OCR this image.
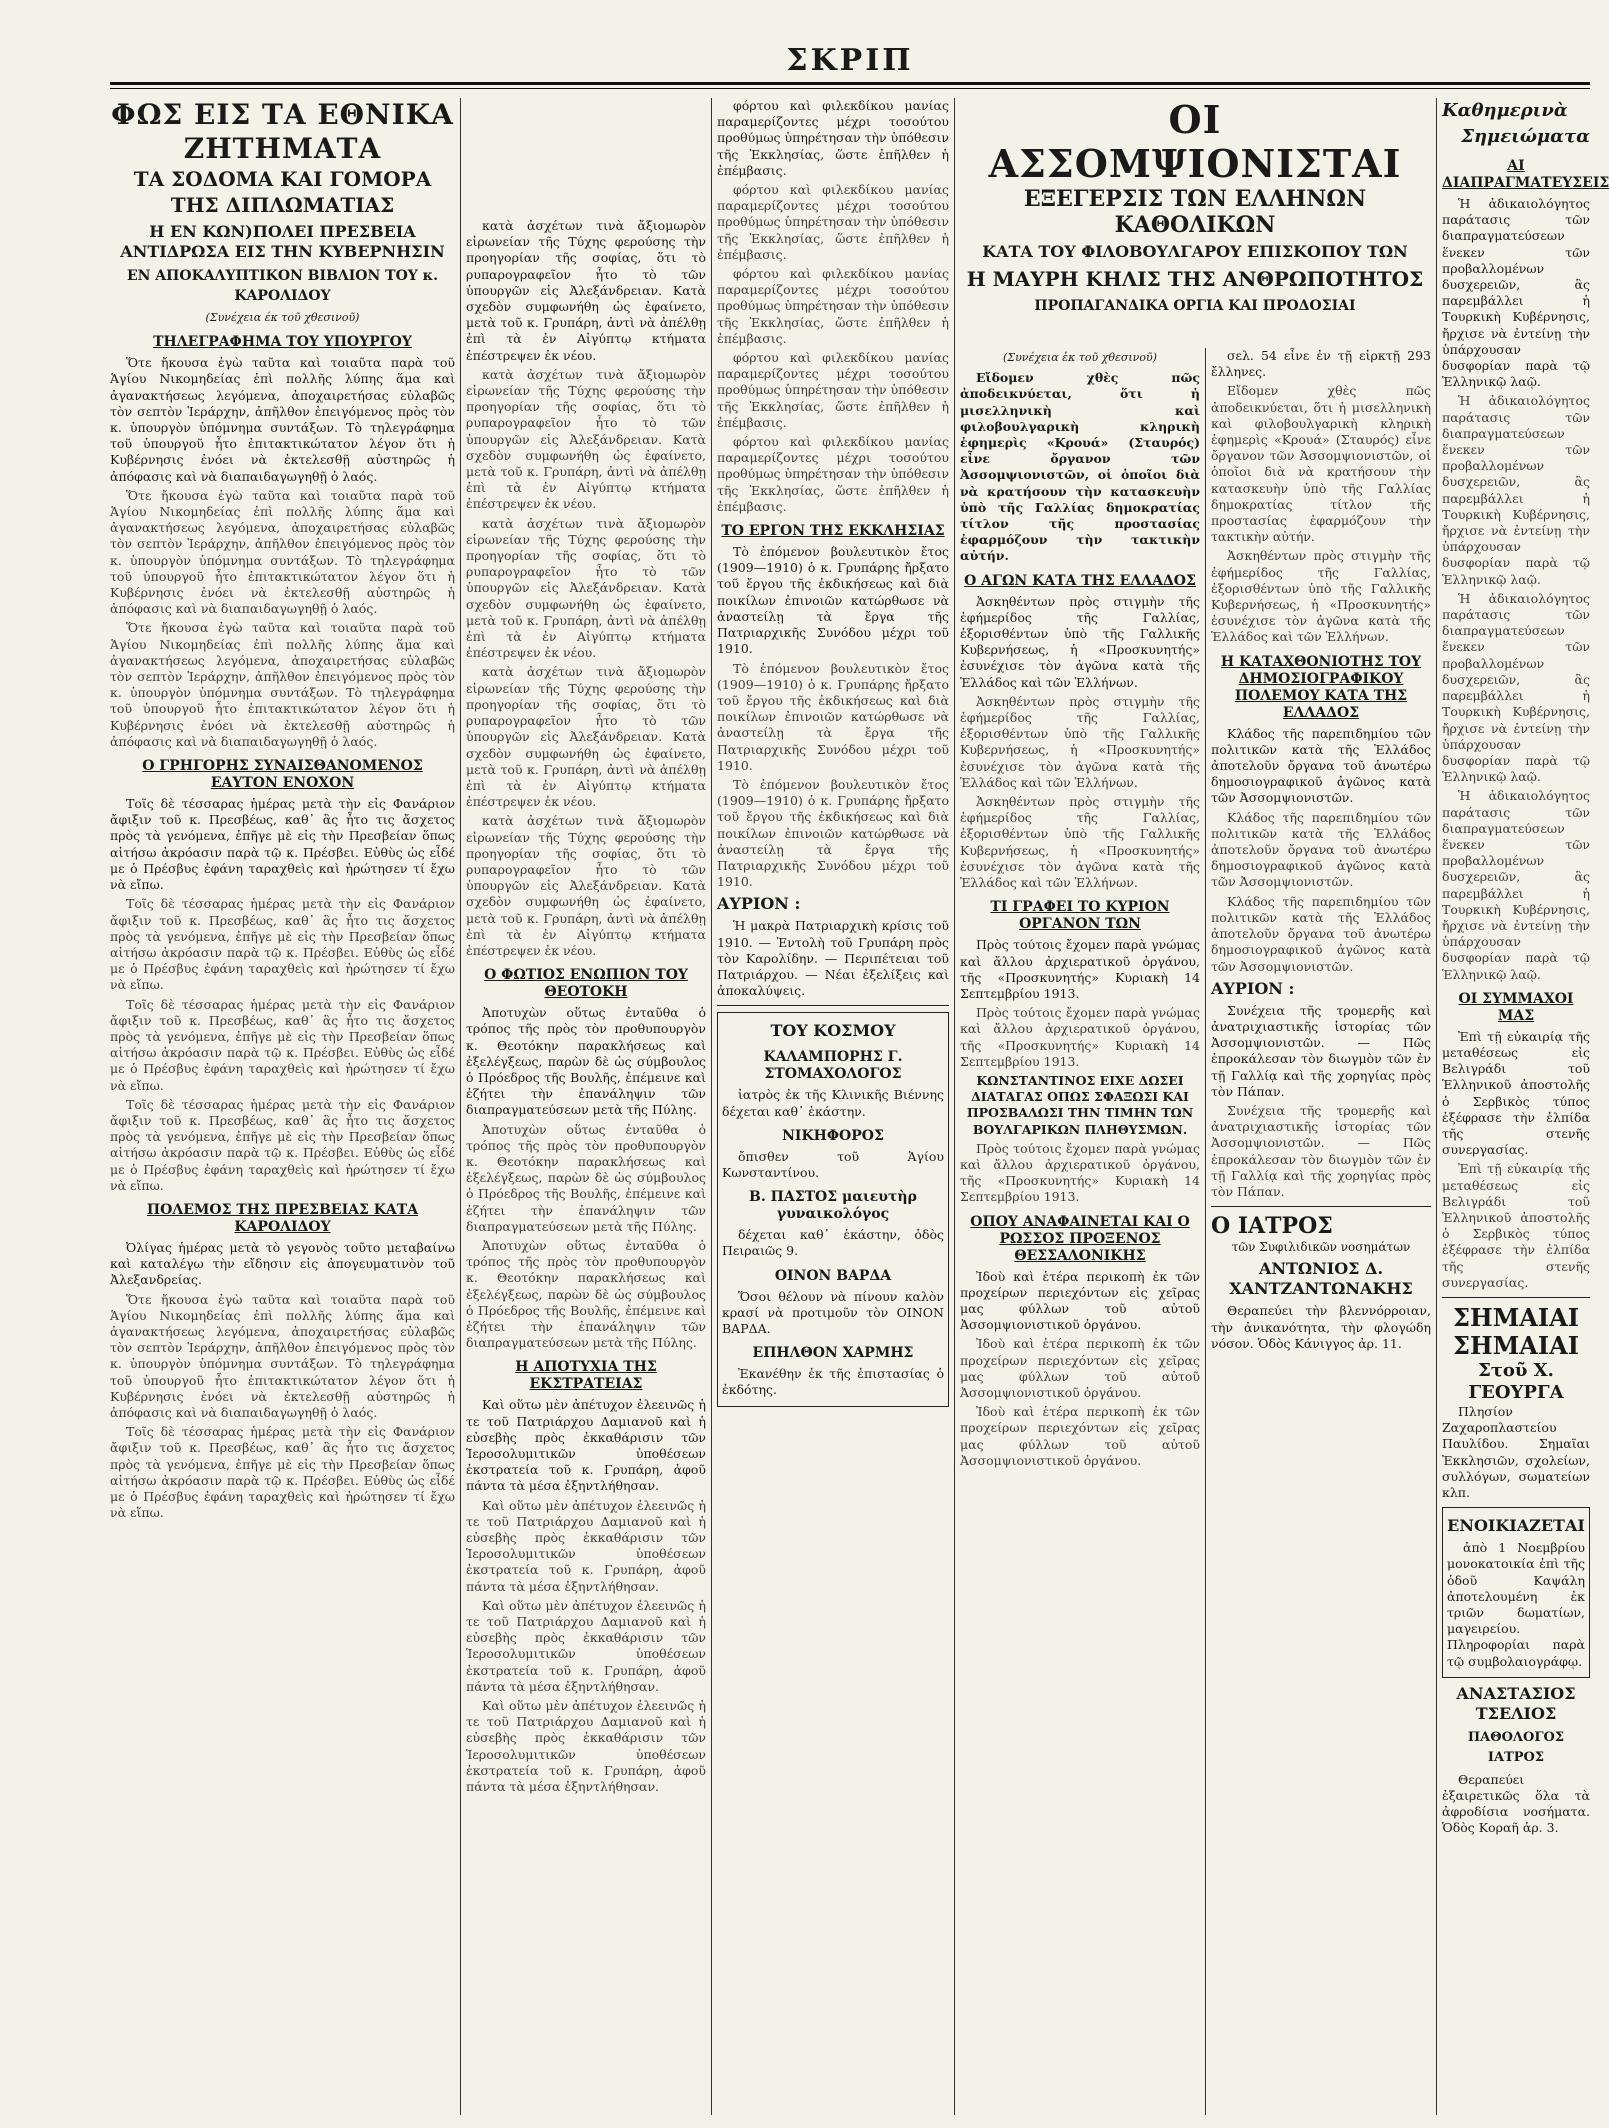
ΣΚΡΙΠ
ΦΩΣ ΕΙΣ ΤΑ ΕΘΝΙΚΑ ΖΗΤΗΜΑΤΑ
ΤΑ ΣΟΔΟΜΑ ΚΑΙ ΓΟΜΟΡΑ ΤΗΣ ΔΙΠΛΩΜΑΤΙΑΣ
Η ΕΝ ΚΩΝ)ΠΟΛΕΙ ΠΡΕΣΒΕΙΑ ΑΝΤΙΔΡΩΣΑ ΕΙΣ ΤΗΝ ΚΥΒΕΡΝΗΣΙΝ
ΕΝ ΑΠΟΚΑΛΥΠΤΙΚΟΝ ΒΙΒΛΙΟΝ ΤΟΥ κ. ΚΑΡΟΛΙΔΟΥ
(Συνέχεια έκ τοῦ χθεσινοῦ)
ΤΗΛΕΓΡΑΦΗΜΑ ΤΟΥ ΥΠΟΥΡΓΟΥ

Ὅτε ἤκουσα ἐγὼ ταῦτα καὶ τοιαῦτα παρὰ τοῦ Ἁγίου Νικομηδείας ἐπὶ πολλῆς λύπης ἅμα καὶ ἀγανακτήσεως λεγόμενα, ἀποχαιρετήσας εὐλαβῶς τὸν σεπτὸν Ἱεράρχην, ἀπῆλθον ἐπειγόμενος πρὸς τὸν κ. ὑπουργὸν ὑπόμνημα συντάξων. Τὸ τηλεγράφημα τοῦ ὑπουργοῦ ἦτο ἐπιτακτικώτατον λέγον ὅτι ἡ Κυβέρνησις ἐνόει νὰ ἐκτελεσθῇ αὐστηρῶς ἡ ἀπόφασις καὶ νὰ διαπαιδαγωγηθῇ ὁ λαός.

Ὅτε ἤκουσα ἐγὼ ταῦτα καὶ τοιαῦτα παρὰ τοῦ Ἁγίου Νικομηδείας ἐπὶ πολλῆς λύπης ἅμα καὶ ἀγανακτήσεως λεγόμενα, ἀποχαιρετήσας εὐλαβῶς τὸν σεπτὸν Ἱεράρχην, ἀπῆλθον ἐπειγόμενος πρὸς τὸν κ. ὑπουργὸν ὑπόμνημα συντάξων. Τὸ τηλεγράφημα τοῦ ὑπουργοῦ ἦτο ἐπιτακτικώτατον λέγον ὅτι ἡ Κυβέρνησις ἐνόει νὰ ἐκτελεσθῇ αὐστηρῶς ἡ ἀπόφασις καὶ νὰ διαπαιδαγωγηθῇ ὁ λαός.

Ὅτε ἤκουσα ἐγὼ ταῦτα καὶ τοιαῦτα παρὰ τοῦ Ἁγίου Νικομηδείας ἐπὶ πολλῆς λύπης ἅμα καὶ ἀγανακτήσεως λεγόμενα, ἀποχαιρετήσας εὐλαβῶς τὸν σεπτὸν Ἱεράρχην, ἀπῆλθον ἐπειγόμενος πρὸς τὸν κ. ὑπουργὸν ὑπόμνημα συντάξων. Τὸ τηλεγράφημα τοῦ ὑπουργοῦ ἦτο ἐπιτακτικώτατον λέγον ὅτι ἡ Κυβέρνησις ἐνόει νὰ ἐκτελεσθῇ αὐστηρῶς ἡ ἀπόφασις καὶ νὰ διαπαιδαγωγηθῇ ὁ λαός.

Ο ΓΡΗΓΟΡΗΣ ΣΥΝΑΙΣΘΑΝΟΜΕΝΟΣ ΕΑΥΤΟΝ ΕΝΟΧΟΝ

Τοῖς δὲ τέσσαρας ἡμέρας μετὰ τὴν εἰς Φανάριον ἄφιξιν τοῦ κ. Πρεσβέως, καθ᾽ ἃς ἦτο τις ἄσχετος πρὸς τὰ γενόμενα, ἐπῆγε μὲ εἰς τὴν Πρεσβείαν ὅπως αἰτήσω ἀκρόασιν παρὰ τῷ κ. Πρέσβει. Εὐθὺς ὡς εἶδέ με ὁ Πρέσβυς ἐφάνη ταραχθεὶς καὶ ἠρώτησεν τί ἔχω νὰ εἴπω.

Τοῖς δὲ τέσσαρας ἡμέρας μετὰ τὴν εἰς Φανάριον ἄφιξιν τοῦ κ. Πρεσβέως, καθ᾽ ἃς ἦτο τις ἄσχετος πρὸς τὰ γενόμενα, ἐπῆγε μὲ εἰς τὴν Πρεσβείαν ὅπως αἰτήσω ἀκρόασιν παρὰ τῷ κ. Πρέσβει. Εὐθὺς ὡς εἶδέ με ὁ Πρέσβυς ἐφάνη ταραχθεὶς καὶ ἠρώτησεν τί ἔχω νὰ εἴπω.

Τοῖς δὲ τέσσαρας ἡμέρας μετὰ τὴν εἰς Φανάριον ἄφιξιν τοῦ κ. Πρεσβέως, καθ᾽ ἃς ἦτο τις ἄσχετος πρὸς τὰ γενόμενα, ἐπῆγε μὲ εἰς τὴν Πρεσβείαν ὅπως αἰτήσω ἀκρόασιν παρὰ τῷ κ. Πρέσβει. Εὐθὺς ὡς εἶδέ με ὁ Πρέσβυς ἐφάνη ταραχθεὶς καὶ ἠρώτησεν τί ἔχω νὰ εἴπω.

Τοῖς δὲ τέσσαρας ἡμέρας μετὰ τὴν εἰς Φανάριον ἄφιξιν τοῦ κ. Πρεσβέως, καθ᾽ ἃς ἦτο τις ἄσχετος πρὸς τὰ γενόμενα, ἐπῆγε μὲ εἰς τὴν Πρεσβείαν ὅπως αἰτήσω ἀκρόασιν παρὰ τῷ κ. Πρέσβει. Εὐθὺς ὡς εἶδέ με ὁ Πρέσβυς ἐφάνη ταραχθεὶς καὶ ἠρώτησεν τί ἔχω νὰ εἴπω.

ΠΟΛΕΜΟΣ ΤΗΣ ΠΡΕΣΒΕΙΑΣ ΚΑΤΑ ΚΑΡΟΛΙΔΟΥ

Ὀλίγας ἡμέρας μετὰ τὸ γεγονὸς τοῦτο μεταβαίνω καὶ καταλέγω τὴν εἴδησιν εἰς ἀπογευματινὸν τοῦ Ἀλεξανδρείας.

Ὅτε ἤκουσα ἐγὼ ταῦτα καὶ τοιαῦτα παρὰ τοῦ Ἁγίου Νικομηδείας ἐπὶ πολλῆς λύπης ἅμα καὶ ἀγανακτήσεως λεγόμενα, ἀποχαιρετήσας εὐλαβῶς τὸν σεπτὸν Ἱεράρχην, ἀπῆλθον ἐπειγόμενος πρὸς τὸν κ. ὑπουργὸν ὑπόμνημα συντάξων. Τὸ τηλεγράφημα τοῦ ὑπουργοῦ ἦτο ἐπιτακτικώτατον λέγον ὅτι ἡ Κυβέρνησις ἐνόει νὰ ἐκτελεσθῇ αὐστηρῶς ἡ ἀπόφασις καὶ νὰ διαπαιδαγωγηθῇ ὁ λαός.

Τοῖς δὲ τέσσαρας ἡμέρας μετὰ τὴν εἰς Φανάριον ἄφιξιν τοῦ κ. Πρεσβέως, καθ᾽ ἃς ἦτο τις ἄσχετος πρὸς τὰ γενόμενα, ἐπῆγε μὲ εἰς τὴν Πρεσβείαν ὅπως αἰτήσω ἀκρόασιν παρὰ τῷ κ. Πρέσβει. Εὐθὺς ὡς εἶδέ με ὁ Πρέσβυς ἐφάνη ταραχθεὶς καὶ ἠρώτησεν τί ἔχω νὰ εἴπω.

κατὰ ἀσχέτων τινὰ ἄξιομωρὸν εἰρωνείαν τῆς Τύχης φερούσης τὴν προηγορίαν τῆς σοφίας, ὅτι τὸ ρυπαρογραφεῖον ἦτο τὸ τῶν ὑπουργῶν εἰς Ἀλεξάνδρειαν. Κατὰ σχεδὸν συμφωνήθη ὡς ἐφαίνετο, μετὰ τοῦ κ. Γρυπάρη, ἀντὶ νὰ ἀπέλθῃ ἐπὶ τὰ ἐν Αἰγύπτῳ κτήματα ἐπέστρεψεν ἐκ νέου.

κατὰ ἀσχέτων τινὰ ἄξιομωρὸν εἰρωνείαν τῆς Τύχης φερούσης τὴν προηγορίαν τῆς σοφίας, ὅτι τὸ ρυπαρογραφεῖον ἦτο τὸ τῶν ὑπουργῶν εἰς Ἀλεξάνδρειαν. Κατὰ σχεδὸν συμφωνήθη ὡς ἐφαίνετο, μετὰ τοῦ κ. Γρυπάρη, ἀντὶ νὰ ἀπέλθῃ ἐπὶ τὰ ἐν Αἰγύπτῳ κτήματα ἐπέστρεψεν ἐκ νέου.

κατὰ ἀσχέτων τινὰ ἄξιομωρὸν εἰρωνείαν τῆς Τύχης φερούσης τὴν προηγορίαν τῆς σοφίας, ὅτι τὸ ρυπαρογραφεῖον ἦτο τὸ τῶν ὑπουργῶν εἰς Ἀλεξάνδρειαν. Κατὰ σχεδὸν συμφωνήθη ὡς ἐφαίνετο, μετὰ τοῦ κ. Γρυπάρη, ἀντὶ νὰ ἀπέλθῃ ἐπὶ τὰ ἐν Αἰγύπτῳ κτήματα ἐπέστρεψεν ἐκ νέου.

κατὰ ἀσχέτων τινὰ ἄξιομωρὸν εἰρωνείαν τῆς Τύχης φερούσης τὴν προηγορίαν τῆς σοφίας, ὅτι τὸ ρυπαρογραφεῖον ἦτο τὸ τῶν ὑπουργῶν εἰς Ἀλεξάνδρειαν. Κατὰ σχεδὸν συμφωνήθη ὡς ἐφαίνετο, μετὰ τοῦ κ. Γρυπάρη, ἀντὶ νὰ ἀπέλθῃ ἐπὶ τὰ ἐν Αἰγύπτῳ κτήματα ἐπέστρεψεν ἐκ νέου.

κατὰ ἀσχέτων τινὰ ἄξιομωρὸν εἰρωνείαν τῆς Τύχης φερούσης τὴν προηγορίαν τῆς σοφίας, ὅτι τὸ ρυπαρογραφεῖον ἦτο τὸ τῶν ὑπουργῶν εἰς Ἀλεξάνδρειαν. Κατὰ σχεδὸν συμφωνήθη ὡς ἐφαίνετο, μετὰ τοῦ κ. Γρυπάρη, ἀντὶ νὰ ἀπέλθῃ ἐπὶ τὰ ἐν Αἰγύπτῳ κτήματα ἐπέστρεψεν ἐκ νέου.

Ο ΦΩΤΙΟΣ ΕΝΩΠΙΟΝ ΤΟΥ ΘΕΟΤΟΚΗ

Ἀποτυχὼν οὕτως ἐνταῦθα ὁ τρόπος τῆς πρὸς τὸν προθυπουργὸν κ. Θεοτόκην παρακλήσεως καὶ ἐξελέγξεως, παρὼν δὲ ὡς σύμβουλος ὁ Πρόεδρος τῆς Βουλῆς, ἐπέμεινε καὶ ἐζήτει τὴν ἐπανάληψιν τῶν διαπραγματεύσεων μετὰ τῆς Πύλης.

Ἀποτυχὼν οὕτως ἐνταῦθα ὁ τρόπος τῆς πρὸς τὸν προθυπουργὸν κ. Θεοτόκην παρακλήσεως καὶ ἐξελέγξεως, παρὼν δὲ ὡς σύμβουλος ὁ Πρόεδρος τῆς Βουλῆς, ἐπέμεινε καὶ ἐζήτει τὴν ἐπανάληψιν τῶν διαπραγματεύσεων μετὰ τῆς Πύλης.

Ἀποτυχὼν οὕτως ἐνταῦθα ὁ τρόπος τῆς πρὸς τὸν προθυπουργὸν κ. Θεοτόκην παρακλήσεως καὶ ἐξελέγξεως, παρὼν δὲ ὡς σύμβουλος ὁ Πρόεδρος τῆς Βουλῆς, ἐπέμεινε καὶ ἐζήτει τὴν ἐπανάληψιν τῶν διαπραγματεύσεων μετὰ τῆς Πύλης.

Η ΑΠΟΤΥΧΙΑ ΤΗΣ ΕΚΣΤΡΑΤΕΙΑΣ

Καὶ οὕτω μὲν ἀπέτυχον ἐλεεινῶς ἡ τε τοῦ Πατριάρχου Δαμιανοῦ καὶ ἡ εὐσεβὴς πρὸς ἐκκαθάρισιν τῶν Ἱεροσολυμιτικῶν ὑποθέσεων ἐκστρατεία τοῦ κ. Γρυπάρη, ἀφοῦ πάντα τὰ μέσα ἐξηντλήθησαν.

Καὶ οὕτω μὲν ἀπέτυχον ἐλεεινῶς ἡ τε τοῦ Πατριάρχου Δαμιανοῦ καὶ ἡ εὐσεβὴς πρὸς ἐκκαθάρισιν τῶν Ἱεροσολυμιτικῶν ὑποθέσεων ἐκστρατεία τοῦ κ. Γρυπάρη, ἀφοῦ πάντα τὰ μέσα ἐξηντλήθησαν.

Καὶ οὕτω μὲν ἀπέτυχον ἐλεεινῶς ἡ τε τοῦ Πατριάρχου Δαμιανοῦ καὶ ἡ εὐσεβὴς πρὸς ἐκκαθάρισιν τῶν Ἱεροσολυμιτικῶν ὑποθέσεων ἐκστρατεία τοῦ κ. Γρυπάρη, ἀφοῦ πάντα τὰ μέσα ἐξηντλήθησαν.

Καὶ οὕτω μὲν ἀπέτυχον ἐλεεινῶς ἡ τε τοῦ Πατριάρχου Δαμιανοῦ καὶ ἡ εὐσεβὴς πρὸς ἐκκαθάρισιν τῶν Ἱεροσολυμιτικῶν ὑποθέσεων ἐκστρατεία τοῦ κ. Γρυπάρη, ἀφοῦ πάντα τὰ μέσα ἐξηντλήθησαν.

φόρτου καὶ φιλεκδίκου μανίας παραμερίζοντες μέχρι τοσούτου προθύμως ὑπηρέτησαν τὴν ὑπόθεσιν τῆς Ἐκκλησίας, ὥστε ἐπῆλθεν ἡ ἐπέμβασις.

φόρτου καὶ φιλεκδίκου μανίας παραμερίζοντες μέχρι τοσούτου προθύμως ὑπηρέτησαν τὴν ὑπόθεσιν τῆς Ἐκκλησίας, ὥστε ἐπῆλθεν ἡ ἐπέμβασις.

φόρτου καὶ φιλεκδίκου μανίας παραμερίζοντες μέχρι τοσούτου προθύμως ὑπηρέτησαν τὴν ὑπόθεσιν τῆς Ἐκκλησίας, ὥστε ἐπῆλθεν ἡ ἐπέμβασις.

φόρτου καὶ φιλεκδίκου μανίας παραμερίζοντες μέχρι τοσούτου προθύμως ὑπηρέτησαν τὴν ὑπόθεσιν τῆς Ἐκκλησίας, ὥστε ἐπῆλθεν ἡ ἐπέμβασις.

φόρτου καὶ φιλεκδίκου μανίας παραμερίζοντες μέχρι τοσούτου προθύμως ὑπηρέτησαν τὴν ὑπόθεσιν τῆς Ἐκκλησίας, ὥστε ἐπῆλθεν ἡ ἐπέμβασις.

ΤΟ ΕΡΓΟΝ ΤΗΣ ΕΚΚΛΗΣΙΑΣ

Τὸ ἐπόμενον βουλευτικὸν ἔτος (1909—1910) ὁ κ. Γρυπάρης ἤρξατο τοῦ ἔργου τῆς ἐκδικήσεως καὶ διὰ ποικίλων ἐπινοιῶν κατώρθωσε νὰ ἀναστείλῃ τὰ ἔργα τῆς Πατριαρχικῆς Συνόδου μέχρι τοῦ 1910.

Τὸ ἐπόμενον βουλευτικὸν ἔτος (1909—1910) ὁ κ. Γρυπάρης ἤρξατο τοῦ ἔργου τῆς ἐκδικήσεως καὶ διὰ ποικίλων ἐπινοιῶν κατώρθωσε νὰ ἀναστείλῃ τὰ ἔργα τῆς Πατριαρχικῆς Συνόδου μέχρι τοῦ 1910.

Τὸ ἐπόμενον βουλευτικὸν ἔτος (1909—1910) ὁ κ. Γρυπάρης ἤρξατο τοῦ ἔργου τῆς ἐκδικήσεως καὶ διὰ ποικίλων ἐπινοιῶν κατώρθωσε νὰ ἀναστείλῃ τὰ ἔργα τῆς Πατριαρχικῆς Συνόδου μέχρι τοῦ 1910.

ΑΥΡΙΟΝ :

Ἡ μακρὰ Πατριαρχικὴ κρίσις τοῦ 1910. — Ἐντολὴ τοῦ Γρυπάρη πρὸς τὸν Καρολίδην. — Περιπέτειαι τοῦ Πατριάρχου. — Νέαι ἐξελίξεις καὶ ἀποκαλύψεις.

ΤΟΥ ΚΟΣΜΟΥ
ΚΑΛΑΜΠΟΡΗΣ Γ. ΣΤΟΜΑΧΟΛΟΓΟΣ

ἰατρὸς ἐκ τῆς Κλινικῆς Βιέννης δέχεται καθ᾽ ἑκάστην.

ΝΙΚΗΦΟΡΟΣ

ὄπισθεν τοῦ Ἁγίου Κωνσταντίνου.

Β. ΠΑΣΤΟΣ μαιευτὴρ γυναικολόγος

δέχεται καθ᾽ ἑκάστην, ὁδὸς Πειραιῶς 9.

ΟΙΝΟΝ ΒΑΡΔΑ

Ὅσοι θέλουν νὰ πίνουν καλὸν κρασί νὰ προτιμοῦν τὸν ΟΙΝΟΝ ΒΑΡΔΑ.

ΕΠΗΛΘΟΝ ΧΑΡΜΗΣ

Ἐκανέθην ἐκ τῆς ἐπιστασίας ὁ ἐκδότης.

ΟΙ ΑΣΣΟΜΨΙΟΝΙΣΤΑΙ
ΕΞΕΓΕΡΣΙΣ ΤΩΝ ΕΛΛΗΝΩΝ ΚΑΘΟΛΙΚΩΝ
ΚΑΤΑ ΤΟΥ ΦΙΛΟΒΟΥΛΓΑΡΟΥ ΕΠΙΣΚΟΠΟΥ ΤΩΝ
Η ΜΑΥΡΗ ΚΗΛΙΣ ΤΗΣ ΑΝΘΡΩΠΟΤΗΤΟΣ
ΠΡΟΠΑΓΑΝΔΙΚΑ ΟΡΓΙΑ ΚΑΙ ΠΡΟΔΟΣΙΑΙ
(Συνέχεια ἐκ τοῦ χθεσινοῦ)

Εἴδομεν χθὲς πῶς ἀποδεικνύεται, ὅτι ἡ μισελληνικὴ καὶ φιλοβουλγαρικὴ κληρικὴ ἐφημερὶς «Κρουά» (Σταυρός) εἶνε ὄργανον τῶν Ἀσσομψιονιστῶν, οἱ ὁποῖοι διὰ νὰ κρατήσουν τὴν κατασκευὴν ὑπὸ τῆς Γαλλίας δημοκρατίας τίτλον τῆς προστασίας ἐφαρμόζουν τὴν τακτικὴν αὐτήν.

Ο ΑΓΩΝ ΚΑΤΑ ΤΗΣ ΕΛΛΑΔΟΣ

Ἀσκηθέντων πρὸς στιγμὴν τῆς ἐφήμερίδος τῆς Γαλλίας, ἐξορισθέντων ὑπὸ τῆς Γαλλικῆς Κυβερνήσεως, ἡ «Προσκυνητής» ἐσυνέχισε τὸν ἀγῶνα κατὰ τῆς Ἑλλάδος καὶ τῶν Ἑλλήνων.

Ἀσκηθέντων πρὸς στιγμὴν τῆς ἐφήμερίδος τῆς Γαλλίας, ἐξορισθέντων ὑπὸ τῆς Γαλλικῆς Κυβερνήσεως, ἡ «Προσκυνητής» ἐσυνέχισε τὸν ἀγῶνα κατὰ τῆς Ἑλλάδος καὶ τῶν Ἑλλήνων.

Ἀσκηθέντων πρὸς στιγμὴν τῆς ἐφήμερίδος τῆς Γαλλίας, ἐξορισθέντων ὑπὸ τῆς Γαλλικῆς Κυβερνήσεως, ἡ «Προσκυνητής» ἐσυνέχισε τὸν ἀγῶνα κατὰ τῆς Ἑλλάδος καὶ τῶν Ἑλλήνων.

ΤΙ ΓΡΑΦΕΙ ΤΟ ΚΥΡΙΟΝ ΟΡΓΑΝΟΝ ΤΩΝ

Πρὸς τούτοις ἔχομεν παρὰ γνώμας καὶ ἄλλου ἀρχιερατικοῦ ὀργάνου, τῆς «Προσκυνητής» Κυριακὴ 14 Σεπτεμβρίου 1913.

Πρὸς τούτοις ἔχομεν παρὰ γνώμας καὶ ἄλλου ἀρχιερατικοῦ ὀργάνου, τῆς «Προσκυνητής» Κυριακὴ 14 Σεπτεμβρίου 1913.

ΚΩΝΣΤΑΝΤΙΝΟΣ ΕΙΧΕ ΔΩΣΕΙ ΔΙΑΤΑΓΑΣ ΟΠΩΣ ΣΦΑΞΩΣΙ ΚΑΙ ΠΡΟΣΒΑΛΩΣΙ ΤΗΝ ΤΙΜΗΝ ΤΩΝ ΒΟΥΛΓΑΡΙΚΩΝ ΠΛΗΘΥΣΜΩΝ.

Πρὸς τούτοις ἔχομεν παρὰ γνώμας καὶ ἄλλου ἀρχιερατικοῦ ὀργάνου, τῆς «Προσκυνητής» Κυριακὴ 14 Σεπτεμβρίου 1913.

ΟΠΟΥ ΑΝΑΦΑΙΝΕΤΑΙ ΚΑΙ Ο ΡΩΣΣΟΣ ΠΡΟΞΕΝΟΣ ΘΕΣΣΑΛΟΝΙΚΗΣ

Ἰδοὺ καὶ ἑτέρα περικοπὴ ἐκ τῶν προχείρων περιεχόντων εἰς χεῖρας μας φύλλων τοῦ αὐτοῦ Ἀσσομψιονιστικοῦ ὀργάνου.

Ἰδοὺ καὶ ἑτέρα περικοπὴ ἐκ τῶν προχείρων περιεχόντων εἰς χεῖρας μας φύλλων τοῦ αὐτοῦ Ἀσσομψιονιστικοῦ ὀργάνου.

Ἰδοὺ καὶ ἑτέρα περικοπὴ ἐκ τῶν προχείρων περιεχόντων εἰς χεῖρας μας φύλλων τοῦ αὐτοῦ Ἀσσομψιονιστικοῦ ὀργάνου.

σελ. 54 εἶνε ἐν τῇ εἰρκτῇ 293 ἔλληνες.

Εἴδομεν χθὲς πῶς ἀποδεικνύεται, ὅτι ἡ μισελληνικὴ καὶ φιλοβουλγαρικὴ κληρικὴ ἐφημερὶς «Κρουά» (Σταυρός) εἶνε ὄργανον τῶν Ἀσσομψιονιστῶν, οἱ ὁποῖοι διὰ νὰ κρατήσουν τὴν κατασκευὴν ὑπὸ τῆς Γαλλίας δημοκρατίας τίτλον τῆς προστασίας ἐφαρμόζουν τὴν τακτικὴν αὐτήν.

Ἀσκηθέντων πρὸς στιγμὴν τῆς ἐφήμερίδος τῆς Γαλλίας, ἐξορισθέντων ὑπὸ τῆς Γαλλικῆς Κυβερνήσεως, ἡ «Προσκυνητής» ἐσυνέχισε τὸν ἀγῶνα κατὰ τῆς Ἑλλάδος καὶ τῶν Ἑλλήνων.

Η ΚΑΤΑΧΘΟΝΙΟΤΗΣ ΤΟΥ ΔΗΜΟΣΙΟΓΡΑΦΙΚΟΥ ΠΟΛΕΜΟΥ ΚΑΤΑ ΤΗΣ ΕΛΛΑΔΟΣ

Κλάδος τῆς παρεπιδημίου τῶν πολιτικῶν κατὰ τῆς Ἑλλάδος ἀποτελοῦν ὄργανα τοῦ ἀνωτέρω δημοσιογραφικοῦ ἀγῶνος κατὰ τῶν Ἀσσομψιονιστῶν.

Κλάδος τῆς παρεπιδημίου τῶν πολιτικῶν κατὰ τῆς Ἑλλάδος ἀποτελοῦν ὄργανα τοῦ ἀνωτέρω δημοσιογραφικοῦ ἀγῶνος κατὰ τῶν Ἀσσομψιονιστῶν.

Κλάδος τῆς παρεπιδημίου τῶν πολιτικῶν κατὰ τῆς Ἑλλάδος ἀποτελοῦν ὄργανα τοῦ ἀνωτέρω δημοσιογραφικοῦ ἀγῶνος κατὰ τῶν Ἀσσομψιονιστῶν.

ΑΥΡΙΟΝ :

Συνέχεια τῆς τρομερῆς καὶ ἀνατριχιαστικῆς ἱστορίας τῶν Ἀσσομψιονιστῶν. — Πῶς ἐπροκάλεσαν τὸν διωγμὸν τῶν ἐν τῇ Γαλλίᾳ καὶ τῆς χορηγίας πρὸς τὸν Πάπαν.

Συνέχεια τῆς τρομερῆς καὶ ἀνατριχιαστικῆς ἱστορίας τῶν Ἀσσομψιονιστῶν. — Πῶς ἐπροκάλεσαν τὸν διωγμὸν τῶν ἐν τῇ Γαλλίᾳ καὶ τῆς χορηγίας πρὸς τὸν Πάπαν.

Ο ΙΑΤΡΟΣ
τῶν Συφιλιδικῶν νοσημάτων
ΑΝΤΩΝΙΟΣ Δ. ΧΑΝΤΖΑΝΤΩΝΑΚΗΣ

Θεραπεύει τὴν βλεννόρροιαν, τὴν ἀνικανότητα, τὴν φλογώδη νόσον. Ὁδὸς Κάνιγγος ἀρ. 11.

Καθημερινὰ
Σημειώματα
ΑΙ ΔΙΑΠΡΑΓΜΑΤΕΥΣΕΙΣ

Ἡ ἀδικαιολόγητος παράτασις τῶν διαπραγματεύσεων ἕνεκεν τῶν προβαλλομένων δυσχερειῶν, ἃς παρεμβάλλει ἡ Τουρκικὴ Κυβέρνησις, ἤρχισε νὰ ἐντείνῃ τὴν ὑπάρχουσαν δυσφορίαν παρὰ τῷ Ἑλληνικῷ λαῷ.

Ἡ ἀδικαιολόγητος παράτασις τῶν διαπραγματεύσεων ἕνεκεν τῶν προβαλλομένων δυσχερειῶν, ἃς παρεμβάλλει ἡ Τουρκικὴ Κυβέρνησις, ἤρχισε νὰ ἐντείνῃ τὴν ὑπάρχουσαν δυσφορίαν παρὰ τῷ Ἑλληνικῷ λαῷ.

Ἡ ἀδικαιολόγητος παράτασις τῶν διαπραγματεύσεων ἕνεκεν τῶν προβαλλομένων δυσχερειῶν, ἃς παρεμβάλλει ἡ Τουρκικὴ Κυβέρνησις, ἤρχισε νὰ ἐντείνῃ τὴν ὑπάρχουσαν δυσφορίαν παρὰ τῷ Ἑλληνικῷ λαῷ.

Ἡ ἀδικαιολόγητος παράτασις τῶν διαπραγματεύσεων ἕνεκεν τῶν προβαλλομένων δυσχερειῶν, ἃς παρεμβάλλει ἡ Τουρκικὴ Κυβέρνησις, ἤρχισε νὰ ἐντείνῃ τὴν ὑπάρχουσαν δυσφορίαν παρὰ τῷ Ἑλληνικῷ λαῷ.

ΟΙ ΣΥΜΜΑΧΟΙ ΜΑΣ

Ἐπὶ τῇ εὐκαιρίᾳ τῆς μεταθέσεως εἰς Βελιγράδι τοῦ Ἑλληνικοῦ ἀποστολῆς ὁ Σερβικὸς τύπος ἐξέφρασε τὴν ἐλπίδα τῆς στενῆς συνεργασίας.

Ἐπὶ τῇ εὐκαιρίᾳ τῆς μεταθέσεως εἰς Βελιγράδι τοῦ Ἑλληνικοῦ ἀποστολῆς ὁ Σερβικὸς τύπος ἐξέφρασε τὴν ἐλπίδα τῆς στενῆς συνεργασίας.

ΣΗΜΑΙΑΙ
ΣΗΜΑΙΑΙ
Στοῦ Χ. ΓΕΟΥΡΓΑ

Πλησίον Ζαχαροπλαστείου Παυλίδου. Σημαῖαι Ἐκκλησιῶν, σχολείων, συλλόγων, σωματείων κλπ.

ΕΝΟΙΚΙΑΖΕΤΑΙ

ἀπὸ 1 Νοεμβρίου μονοκατοικία ἐπὶ τῆς ὁδοῦ Καψάλη ἀποτελουμένη ἐκ τριῶν δωματίων, μαγειρείου. Πληροφορίαι παρὰ τῷ συμβολαιογράφῳ.

ΑΝΑΣΤΑΣΙΟΣ ΤΣΕΛΙΟΣ
ΠΑΘΟΛΟΓΟΣ ΙΑΤΡΟΣ

Θεραπεύει ἐξαιρετικῶς ὅλα τὰ ἀφροδίσια νοσήματα. Ὁδὸς Κοραῆ ἀρ. 3.
